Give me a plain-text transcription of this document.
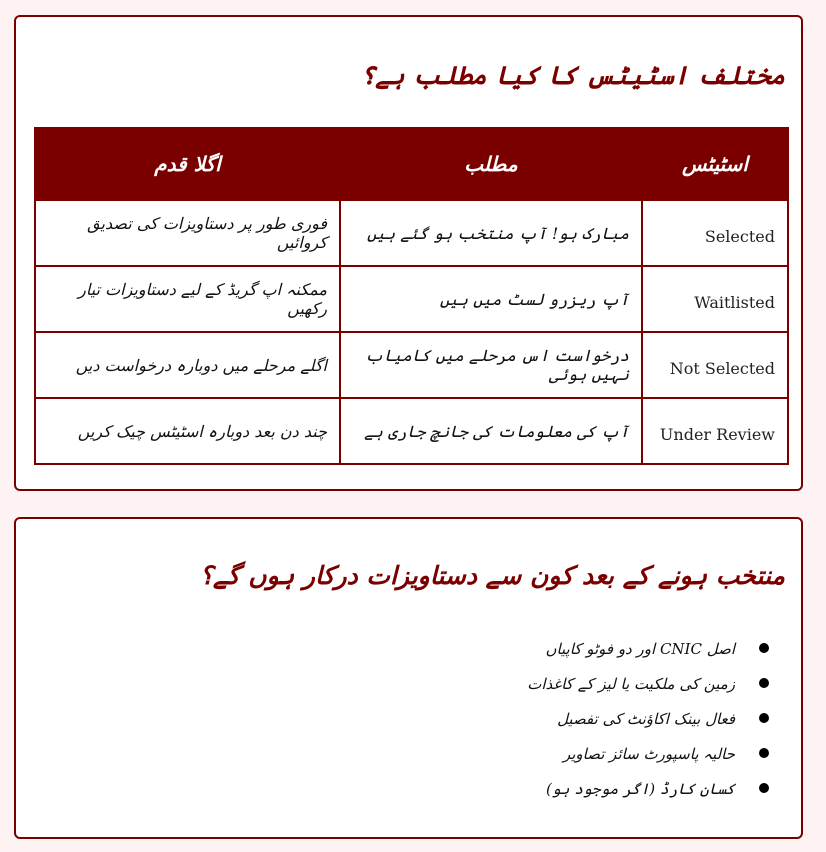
مختلف اسٹیٹس کا کیا مطلب ہے؟
اسٹیٹس	مطلب	اگلا قدم
Selected	مبارک ہو! آپ منتخب ہو گئے ہیں	فوری طور پر دستاویزات کی تصدیق کروائیں
Waitlisted	آپ ریزرو لسٹ میں ہیں	ممکنہ اپ گریڈ کے لیے دستاویزات تیار رکھیں
Not Selected	درخواست اس مرحلے میں کامیاب نہیں ہوئی	اگلے مرحلے میں دوبارہ درخواست دیں
Under Review	آپ کی معلومات کی جانچ جاری ہے	چند دن بعد دوبارہ اسٹیٹس چیک کریں
منتخب ہونے کے بعد کون سے دستاویزات درکار ہوں گے؟
اصل CNIC اور دو فوٹو کاپیاں
زمین کی ملکیت یا لیز کے کاغذات
فعال بینک اکاؤنٹ کی تفصیل
حالیہ پاسپورٹ سائز تصاویر
کسان کارڈ (اگر موجود ہو)
